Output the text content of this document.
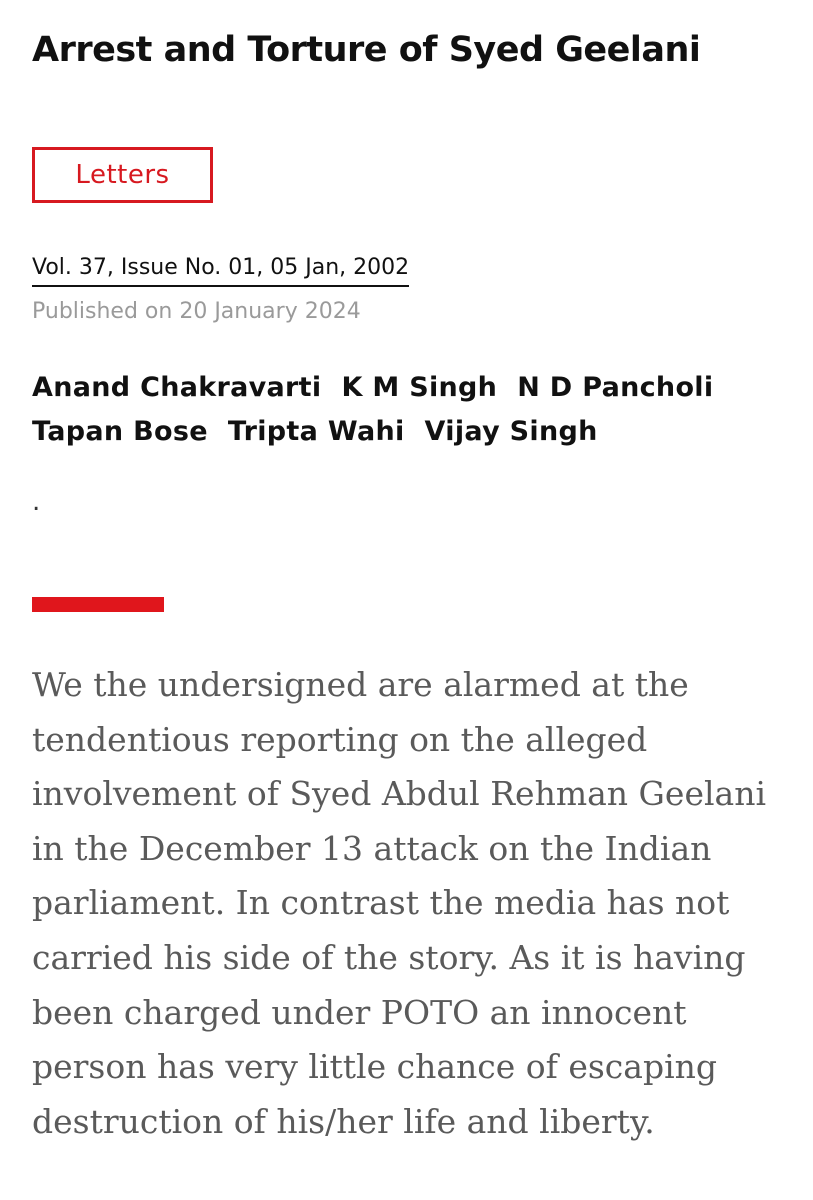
Arrest and Torture of Syed Geelani
Letters
Vol. 37, Issue No. 01, 05 Jan, 2002
Published on 20 January 2024
Anand Chakravarti K M Singh N D Pancholi
Tapan Bose Tripta Wahi Vijay Singh
.

We the undersigned are alarmed at the
tendentious reporting on the alleged
involvement of Syed Abdul Rehman Geelani
in the December 13 attack on the Indian
parliament. In contrast the media has not
carried his side of the story. As it is having
been charged under POTO an innocent
person has very little chance of escaping
destruction of his/her life and liberty.
